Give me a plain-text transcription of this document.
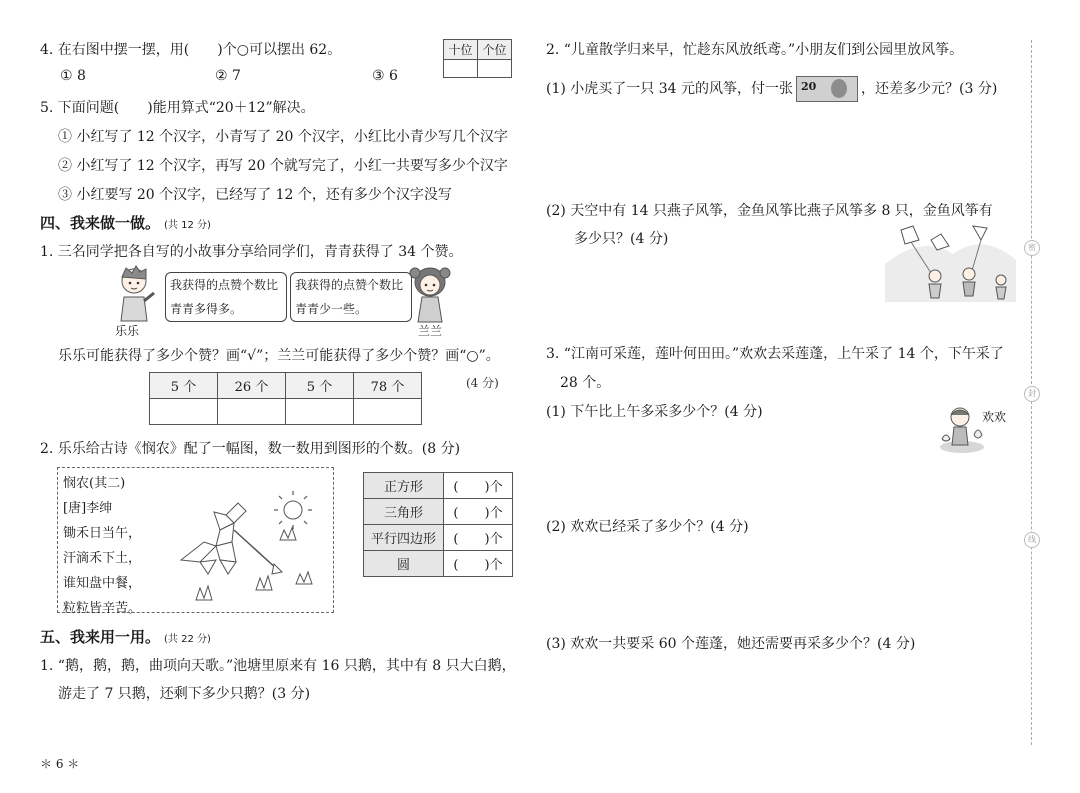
4. 在右图中摆一摆，用(　　)个○可以摆出 62。
① 8	② 7	③ 6
十位	个位

5. 下面问题(　　)能用算式“20＋12”解决。
① 小红写了 12 个汉字，小青写了 20 个汉字，小红比小青少写几个汉字
② 小红写了 12 个汉字，再写 20 个就写完了，小红一共要写多少个汉字
③ 小红要写 20 个汉字，已经写了 12 个，还有多少个汉字没写
四、我来做一做。 (共 12 分)
1. 三名同学把各自写的小故事分享给同学们，青青获得了 34 个赞。
乐乐
我获得的点赞个数比青青多得多。
我获得的点赞个数比青青少一些。
兰兰
乐乐可能获得了多少个赞？画“√”；兰兰可能获得了多少个赞？画“○”。
5 个	26 个	5 个	78 个
				(4 分)
2. 乐乐给古诗《悯农》配了一幅图，数一数用到图形的个数。(8 分)
悯农(其二)
[唐]李绅
锄禾日当午，
汗滴禾下土，
谁知盘中餐，
粒粒皆辛苦。
正方形	(　　)个
三角形	(　　)个
平行四边形	(　　)个
圆	(　　)个
五、我来用一用。 (共 22 分)
1. “鹅，鹅，鹅，曲项向天歌。”池塘里原来有 16 只鹅，其中有 8 只大白鹅，
游走了 7 只鹅，还剩下多少只鹅？(3 分)
＊ 6 ＊
2. “儿童散学归来早，忙趁东风放纸鸢。”小朋友们到公园里放风筝。
(1) 小虎买了一只 34 元的风筝，付一张 20	，还差多少元？(3 分)
(2) 天空中有 14 只燕子风筝，金鱼风筝比燕子风筝多 8 只，金鱼风筝有
多少只？(4 分)
3. “江南可采莲，莲叶何田田。”欢欢去采莲蓬，上午采了 14 个，下午采了
28 个。
(1) 下午比上午多采多少个？(4 分)	欢欢
(2) 欢欢已经采了多少个？(4 分)
(3) 欢欢一共要采 60 个莲蓬，她还需要再采多少个？(4 分)
密
封
线
